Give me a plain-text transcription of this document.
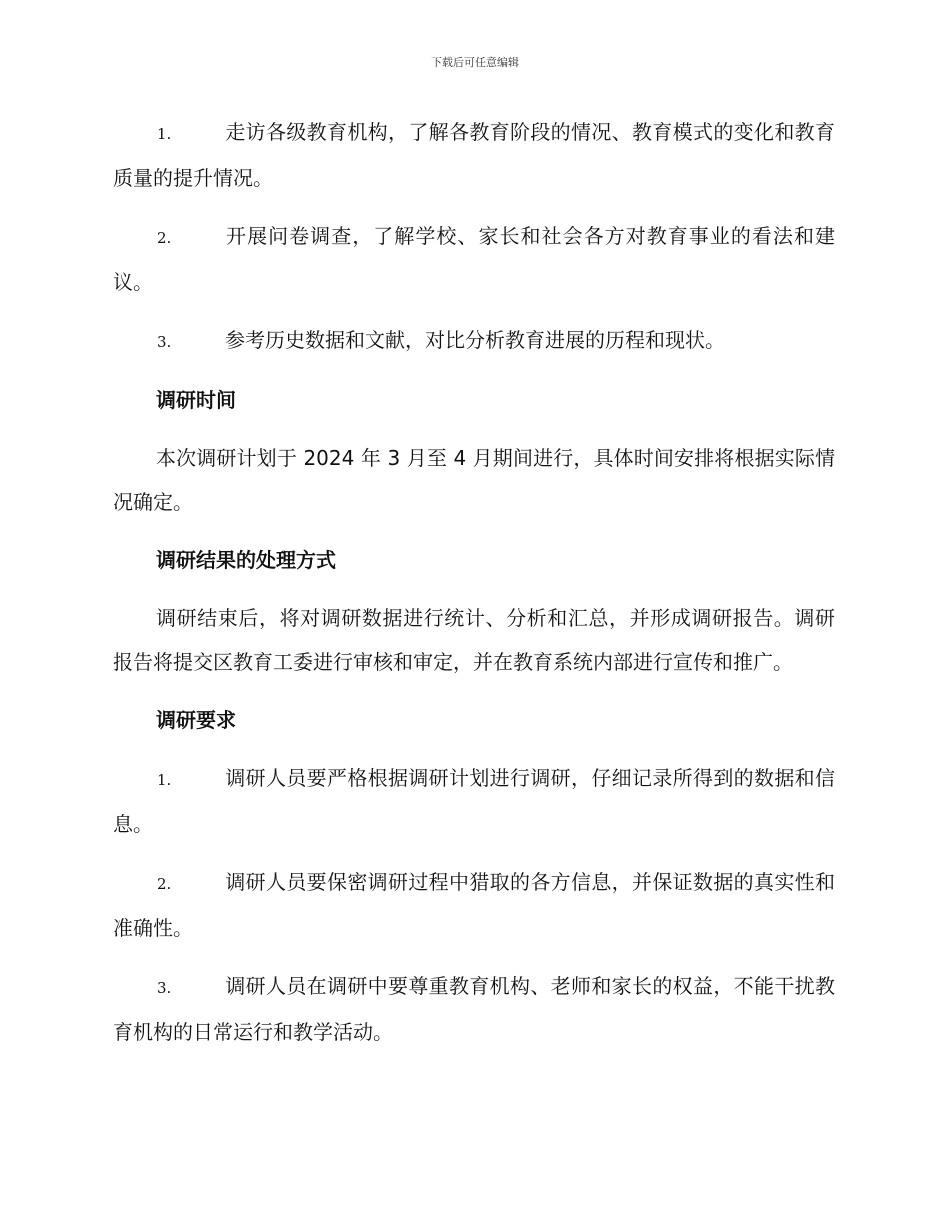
下载后可任意编辑

1.	走访各级教育机构，了解各教育阶段的情况、教育模式的变化和教育质量的提升情况。

2.	开展问卷调查，了解学校、家长和社会各方对教育事业的看法和建议。

3.	参考历史数据和文献，对比分析教育进展的历程和现状。

调研时间

本次调研计划于 2024 年 3 月至 4 月期间进行，具体时间安排将根据实际情况确定。

调研结果的处理方式

调研结束后，将对调研数据进行统计、分析和汇总，并形成调研报告。调研报告将提交区教育工委进行审核和审定，并在教育系统内部进行宣传和推广。

调研要求

1.	调研人员要严格根据调研计划进行调研，仔细记录所得到的数据和信息。

2.	调研人员要保密调研过程中猎取的各方信息，并保证数据的真实性和准确性。

3.	调研人员在调研中要尊重教育机构、老师和家长的权益，不能干扰教育机构的日常运行和教学活动。
